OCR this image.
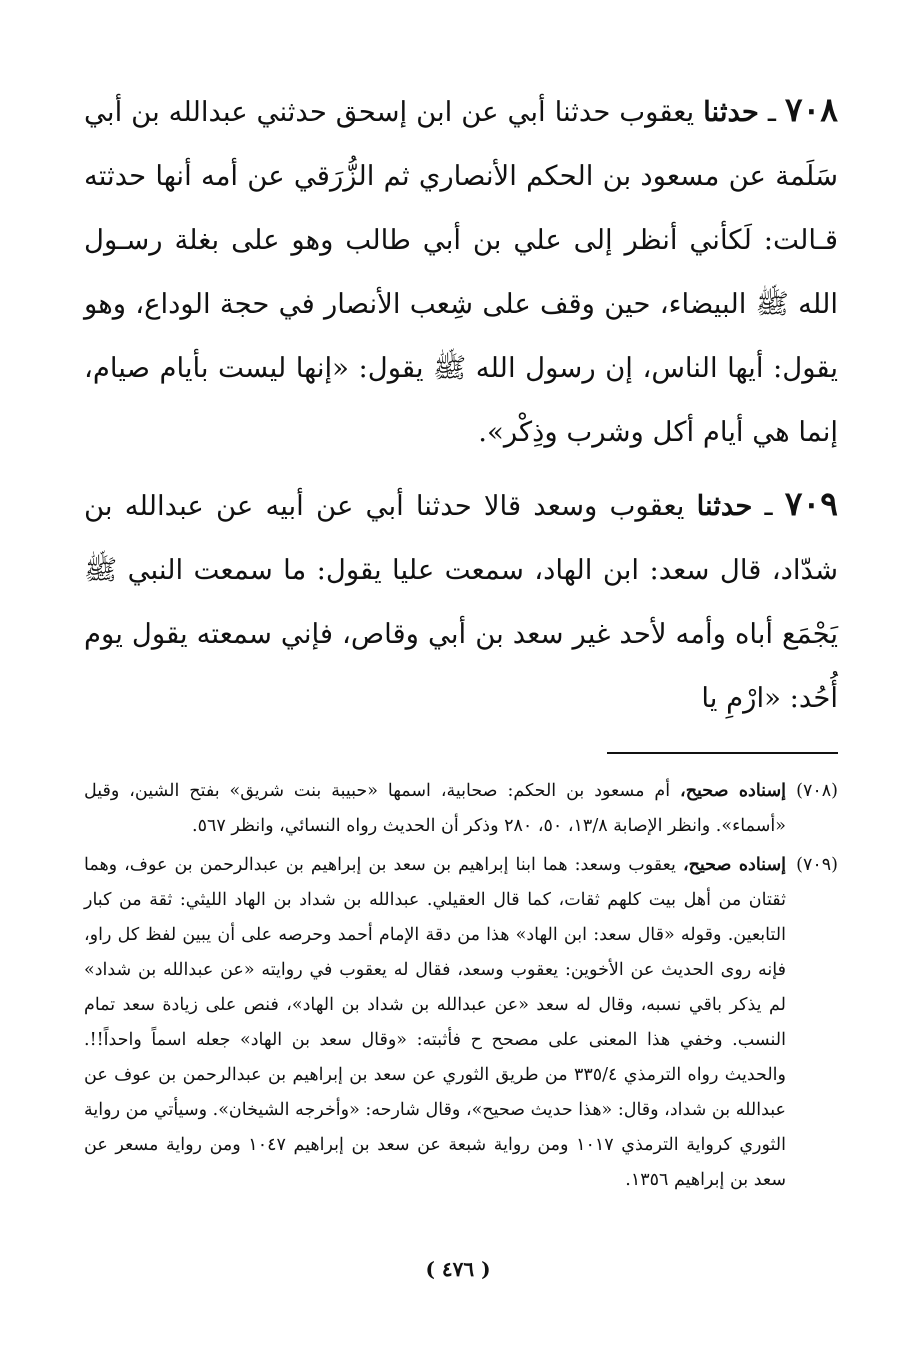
٧٠٨ ـ حدثنا يعقوب حدثنا أبي عن ابن إسحق حدثني عبدالله بن أبي سَلَمة عن مسعود بن الحكم الأنصاري ثم الزُّرَقي عن أمه أنها حدثته قـالت: لَكأني أنظر إلى علي بن أبي طالب وهو على بغلة رسـول الله ﷺ البيضاء، حين وقف على شِعب الأنصار في حجة الوداع، وهو يقول: أيها الناس، إن رسول الله ﷺ يقول: «إنها ليست بأيام صيام، إنما هي أيام أكل وشرب وذِكْر».

٧٠٩ ـ حدثنا يعقوب وسعد قالا حدثنا أبي عن أبيه عن عبدالله بن شدّاد، قال سعد: ابن الهاد، سمعت عليا يقول: ما سمعت النبي ﷺ يَجْمَع أباه وأمه لأحد غير سعد بن أبي وقاص، فإني سمعته يقول يوم أُحُد: «ارْمِ يا

(٧٠٨)
إسناده صحيح، أم مسعود بن الحكم: صحابية، اسمها «حبيبة بنت شريق» بفتح الشين، وقيل «أسماء». وانظر الإصابة ١٣/٨، ٥٠، ٢٨٠ وذكر أن الحديث رواه النسائي، وانظر ٥٦٧.
(٧٠٩)
إسناده صحيح، يعقوب وسعد: هما ابنا إبراهيم بن سعد بن إبراهيم بن عبدالرحمن بن عوف، وهما ثقتان من أهل بيت كلهم ثقات، كما قال العقيلي. عبدالله بن شداد بن الهاد الليثي: ثقة من كبار التابعين. وقوله «قال سعد: ابن الهاد» هذا من دقة الإمام أحمد وحرصه على أن يبين لفظ كل راو، فإنه روى الحديث عن الأخوين: يعقوب وسعد، فقال له يعقوب في روايته «عن عبدالله بن شداد» لم يذكر باقي نسبه، وقال له سعد «عن عبدالله بن شداد بن الهاد»، فنص على زيادة سعد تمام النسب. وخفي هذا المعنى على مصحح ح فأثبته: «وقال سعد بن الهاد» جعله اسماً واحداً!!. والحديث رواه الترمذي ٣٣٥/٤ من طريق الثوري عن سعد بن إبراهيم بن عبدالرحمن بن عوف عن عبدالله بن شداد، وقال: «هذا حديث صحيح»، وقال شارحه: «وأخرجه الشيخان». وسيأتي من رواية الثوري كرواية الترمذي ١٠١٧ ومن رواية شبعة عن سعد بن إبراهيم ١٠٤٧ ومن رواية مسعر عن سعد بن إبراهيم ١٣٥٦.
( ٤٧٦ )
